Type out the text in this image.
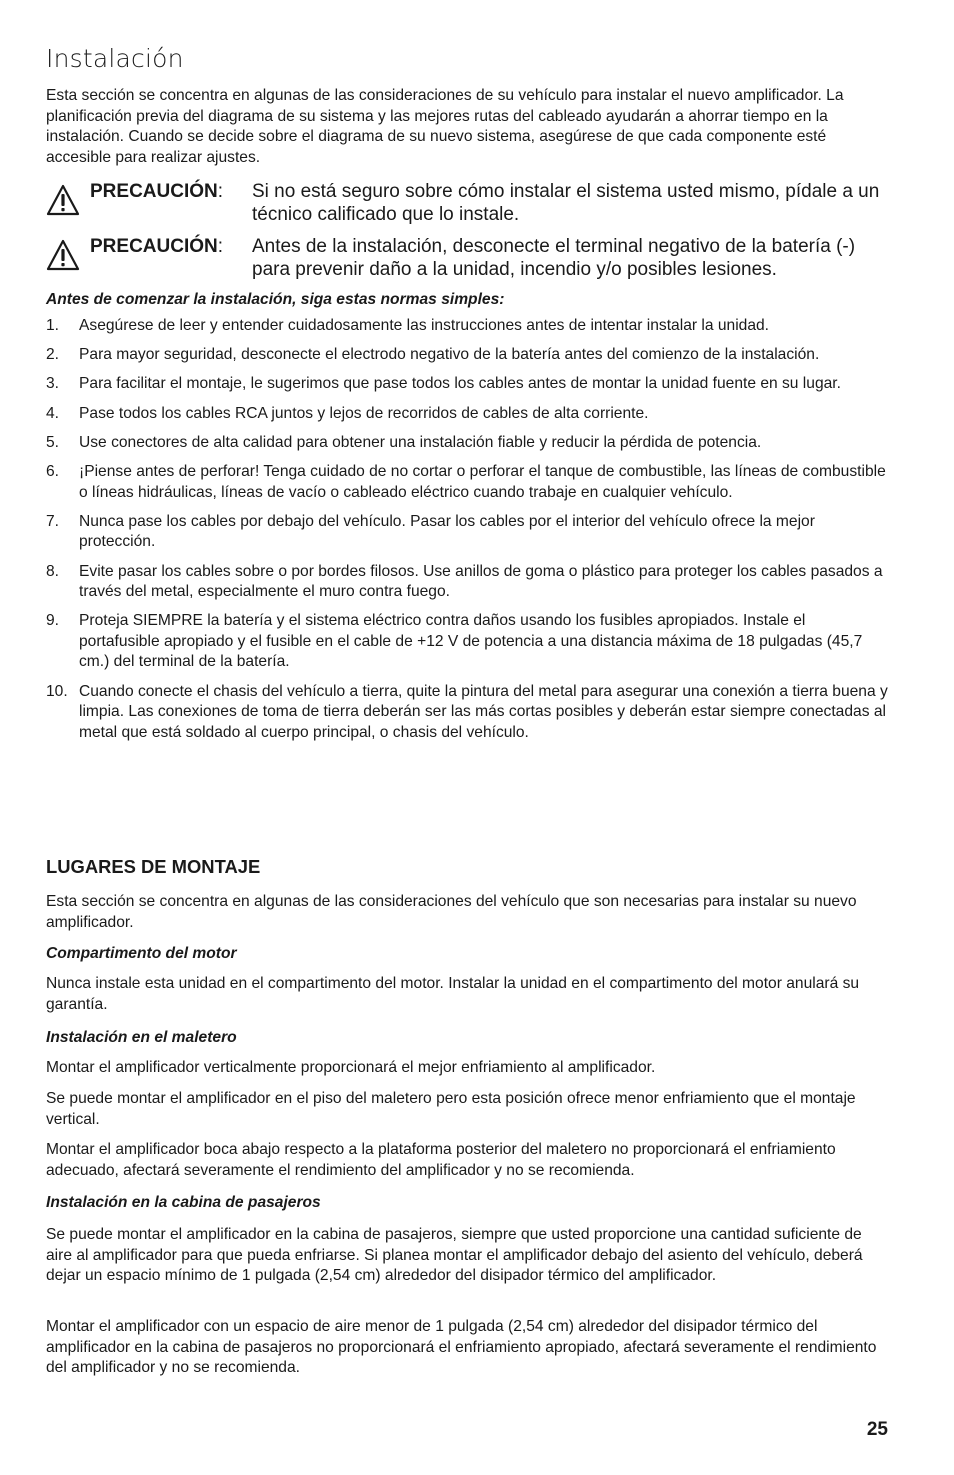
Instalación

Esta sección se concentra en algunas de las consideraciones de su vehículo para instalar el nuevo amplificador. La planificación previa del diagrama de su sistema y las mejores rutas del cableado ayudarán a ahorrar tiempo en la instalación. Cuando se decide sobre el diagrama de su nuevo sistema, asegúrese de que cada componente esté accesible para realizar ajustes.

PRECAUCIÓN: Si no está seguro sobre cómo instalar el sistema usted mismo, pídale a un técnico calificado que lo instale.

PRECAUCIÓN: Antes de la instalación, desconecte el terminal negativo de la batería (-) para prevenir daño a la unidad, incendio y/o posibles lesiones.

Antes de comenzar la instalación, siga estas normas simples:

1. Asegúrese de leer y entender cuidadosamente las instrucciones antes de intentar instalar la unidad.
2. Para mayor seguridad, desconecte el electrodo negativo de la batería antes del comienzo de la instalación.
3. Para facilitar el montaje, le sugerimos que pase todos los cables antes de montar la unidad fuente en su lugar.
4. Pase todos los cables RCA juntos y lejos de recorridos de cables de alta corriente.
5. Use conectores de alta calidad para obtener una instalación fiable y reducir la pérdida de potencia.
6. ¡Piense antes de perforar! Tenga cuidado de no cortar o perforar el tanque de combustible, las líneas de combustible o líneas hidráulicas, líneas de vacío o cableado eléctrico cuando trabaje en cualquier vehículo.
7. Nunca pase los cables por debajo del vehículo. Pasar los cables por el interior del vehículo ofrece la mejor protección.
8. Evite pasar los cables sobre o por bordes filosos. Use anillos de goma o plástico para proteger los cables pasados a través del metal, especialmente el muro contra fuego.
9. Proteja SIEMPRE la batería y el sistema eléctrico contra daños usando los fusibles apropiados. Instale el portafusible apropiado y el fusible en el cable de +12 V de potencia a una distancia máxima de 18 pulgadas (45,7 cm.) del terminal de la batería.
10. Cuando conecte el chasis del vehículo a tierra, quite la pintura del metal para asegurar una conexión a tierra buena y limpia. Las conexiones de toma de tierra deberán ser las más cortas posibles y deberán estar siempre conectadas al metal que está soldado al cuerpo principal, o chasis del vehículo.
LUGARES DE MONTAJE

Esta sección se concentra en algunas de las consideraciones del vehículo que son necesarias para instalar su nuevo amplificador.

Compartimento del motor

Nunca instale esta unidad en el compartimento del motor. Instalar la unidad en el compartimento del motor anulará su garantía.

Instalación en el maletero

Montar el amplificador verticalmente proporcionará el mejor enfriamiento al amplificador.

Se puede montar el amplificador en el piso del maletero pero esta posición ofrece menor enfriamiento que el montaje vertical.

Montar el amplificador boca abajo respecto a la plataforma posterior del maletero no proporcionará el enfriamiento adecuado, afectará severamente el rendimiento del amplificador y no se recomienda.

Instalación en la cabina de pasajeros

Se puede montar el amplificador en la cabina de pasajeros, siempre que usted proporcione una cantidad suficiente de aire al amplificador para que pueda enfriarse. Si planea montar el amplificador debajo del asiento del vehículo, deberá dejar un espacio mínimo de 1 pulgada (2,54 cm) alrededor del disipador térmico del amplificador.

Montar el amplificador con un espacio de aire menor de 1 pulgada (2,54 cm) alrededor del disipador térmico del amplificador en la cabina de pasajeros no proporcionará el enfriamiento apropiado, afectará severamente el rendimiento del amplificador y no se recomienda.

25
